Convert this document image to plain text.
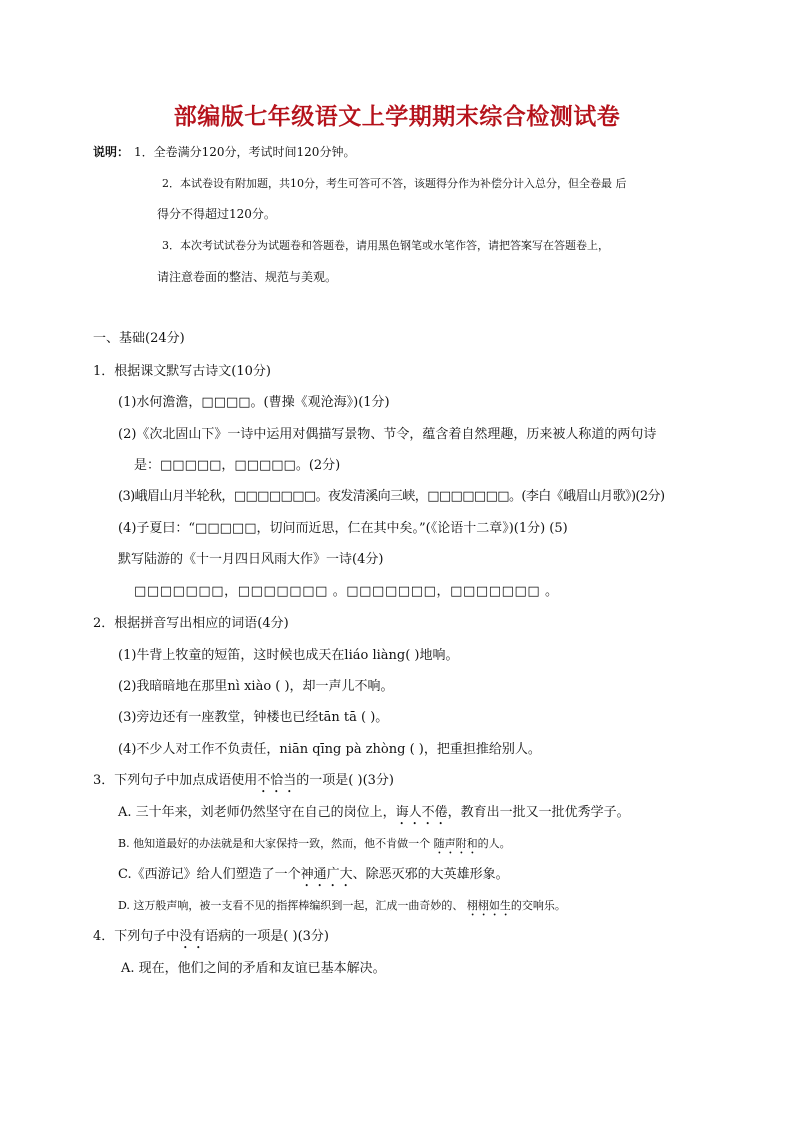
部编版七年级语文上学期期末综合检测试卷
说明： 1．全卷满分120分，考试时间120分钟。
2．本试卷设有附加题，共10分，考生可答可不答，该题得分作为补偿分计入总分，但全卷最 后
得分不得超过120分。
3．本次考试试卷分为试题卷和答题卷，请用黑色钢笔或水笔作答，请把答案写在答题卷上，
请注意卷面的整洁、规范与美观。
一、基础(24分)
1．根据课文默写古诗文(10分)
(1)水何澹澹，□□□□。(曹操《观沧海》)(1分)
(2)《次北固山下》一诗中运用对偶描写景物、节令，蕴含着自然理趣，历来被人称道的两句诗
是：□□□□□，□□□□□。(2分)
(3)峨眉山月半轮秋，□□□□□□□。夜发清溪向三峡，□□□□□□□。(李白《峨眉山月歌》)(2分)
(4)子夏曰：“□□□□□，切问而近思，仁在其中矣。”(《论语十二章》)(1分) (5)
默写陆游的《十一月四日风雨大作》一诗(4分)
□□□□□□□，□□□□□□□ 。□□□□□□□，□□□□□□□ 。
2．根据拼音写出相应的词语(4分)
(1)牛背上牧童的短笛，这时候也成天在liáo liàng( )地响。
(2)我暗暗地在那里nì xiào ( )，却一声儿不响。
(3)旁边还有一座教堂，钟楼也已经tān tā ( )。
(4)不少人对工作不负责任，niān qīng pà zhòng ( )，把重担推给别人。
3．下列句子中加点成语使用不恰当的一项是( )(3分)
A. 三十年来，刘老师仍然坚守在自己的岗位上，诲人不倦，教育出一批又一批优秀学子。
B. 他知道最好的办法就是和大家保持一致，然而，他不肯做一个 随声附和的人。
C.《西游记》给人们塑造了一个神通广大、除恶灭邪的大英雄形象。
D. 这万般声响，被一支看不见的指挥棒编织到一起，汇成一曲奇妙的、 栩栩如生的交响乐。
4．下列句子中没有语病的一项是( )(3分)
A. 现在，他们之间的矛盾和友谊已基本解决。
